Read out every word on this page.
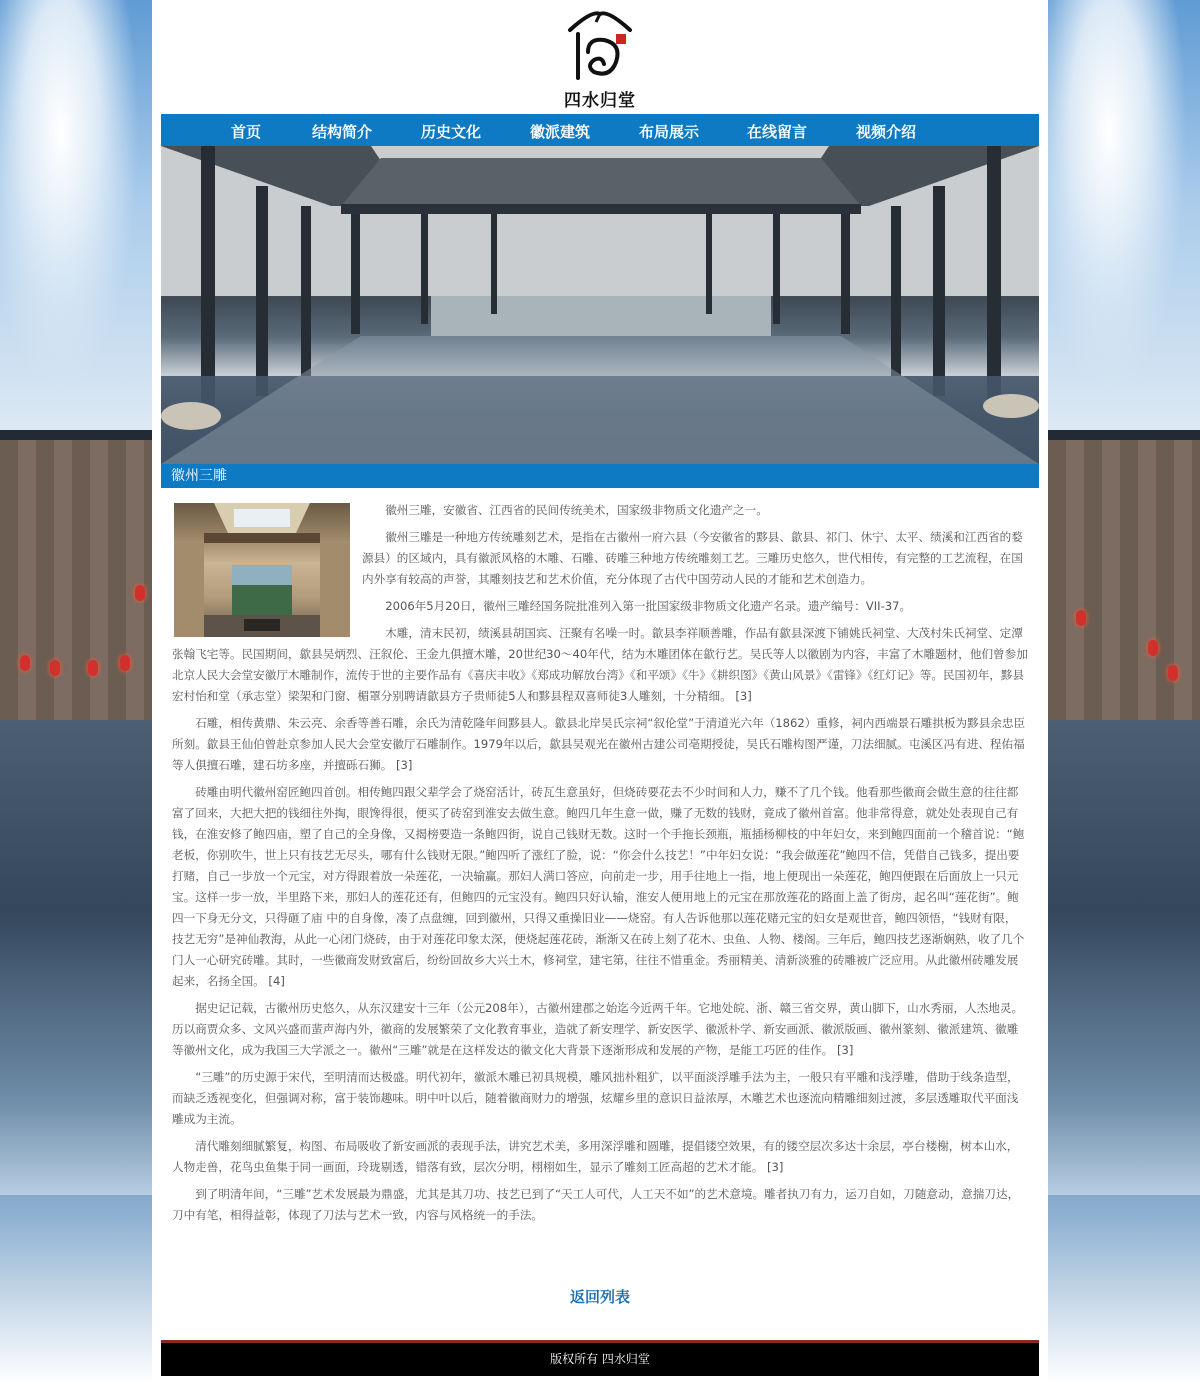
四水归堂
首页	结构简介	历史文化	徽派建筑	布局展示	在线留言	视频介绍
徽州三雕

徽州三雕，安徽省、江西省的民间传统美术，国家级非物质文化遗产之一。

徽州三雕是一种地方传统雕刻艺术，是指在古徽州一府六县（今安徽省的黟县、歙县、祁门、休宁、太平、绩溪和江西省的婺源县）的区域内，具有徽派风格的木雕、石雕、砖雕三种地方传统雕刻工艺。三雕历史悠久，世代相传，有完整的工艺流程，在国内外享有较高的声誉，其雕刻技艺和艺术价值，充分体现了古代中国劳动人民的才能和艺术创造力。

2006年5月20日，徽州三雕经国务院批准列入第一批国家级非物质文化遗产名录。遗产编号：VII-37。

木雕，清末民初，绩溪县胡国宾、汪聚有名噪一时。歙县李祥顺善雕，作品有歙县深渡下铺姚氏祠堂、大茂村朱氏祠堂、定潭张翰飞宅等。民国期间，歙县吴炳烈、汪叙伦、王金九俱擅木雕，20世纪30～40年代，结为木雕团体在歙行艺。吴氏等人以徽剧为内容，丰富了木雕题材，他们曾参加北京人民大会堂安徽厅木雕制作，流传于世的主要作品有《喜庆丰收》《郑成功解放台湾》《和平颂》《牛》《耕织图》《黄山风景》《雷锋》《红灯记》等。民国初年，黟县宏村怡和堂（承志堂）梁架和门窗、楣罩分别聘请歙县方子贵师徒5人和黟县程双喜师徒3人雕刻，十分精细。 [3]

石雕，相传黄鼎、朱云亮、余香等善石雕，余氏为清乾隆年间黟县人。歙县北岸吴氏宗祠“叙伦堂”于清道光六年（1862）重修，祠内西端景石雕拱板为黟县余忠臣所刻。歙县王仙伯曾赴京参加人民大会堂安徽厅石雕制作。1979年以后，歙县吴观光在徽州古建公司亳期授徒，吴氏石雕构图严谨，刀法细腻。屯溪区冯有进、程佑福等人俱擅石雕，建石坊多座，并擅砾石狮。 [3]

砖雕由明代徽州窑匠鲍四首创。相传鲍四跟父辈学会了烧窑活计，砖瓦生意虽好，但烧砖要花去不少时间和人力，赚不了几个钱。他看那些徽商会做生意的往往都富了回来，大把大把的钱细往外掏，眼馋得很，便买了砖窑到淮安去做生意。鲍四几年生意一做，赚了无数的钱财，竟成了徽州首富。他非常得意，就处处表现自己有钱，在淮安修了鲍四庙，塑了自己的全身像，又揭榜要造一条鲍四街，说自己钱财无数。这时一个手拖长颈瓶，瓶插杨柳枝的中年妇女，来到鲍四面前一个稽首说：“鲍老板，你别吹牛，世上只有技艺无尽头，哪有什么钱财无限。”鲍四听了涨红了脸，说：“你会什么技艺！”中年妇女说：“我会做莲花”鲍四不信，凭借自己钱多，提出要打赌，自己一步放一个元宝，对方得跟着放一朵莲花，一决输赢。那妇人满口答应，向前走一步，用手往地上一指，地上便现出一朵莲花，鲍四便跟在后面放上一只元宝。这样一步一放，半里路下来，那妇人的莲花还有，但鲍四的元宝没有。鲍四只好认输，淮安人便用地上的元宝在那放莲花的路面上盖了街房，起名叫“莲花街”。鲍四一下身无分文，只得砸了庙 中的自身像，凑了点盘缠，回到徽州，只得又重操旧业——烧窑。有人告诉他那以莲花赌元宝的妇女是观世音，鲍四领悟，“钱财有限，技艺无穷”是神仙教海，从此一心闭门烧砖，由于对莲花印象太深，便烧起莲花砖，渐渐又在砖上刻了花木、虫鱼、人物、楼阁。三年后，鲍四技艺逐渐娴熟，收了几个门人一心研究砖雕。其时，一些徽商发财致富后，纷纷回故乡大兴土木，修祠堂，建宅第，往往不惜重金。秀丽精美、清新淡雅的砖雕被广泛应用。从此徽州砖雕发展起来，名扬全国。 [4]

据史记记载，古徽州历史悠久，从东汉建安十三年（公元208年），古徽州建郡之始迄今近两千年。它地处皖、浙、赣三省交界，黄山脚下，山水秀丽，人杰地灵。历以商贾众多、文风兴盛而蜚声海内外，徽商的发展繁荣了文化教育事业，造就了新安理学、新安医学、徽派朴学、新安画派、徽派版画、徽州篆刻、徽派建筑、徽雕等徽州文化，成为我国三大学派之一。徽州“三雕”就是在这样发达的徽文化大背景下逐渐形成和发展的产物，是能工巧匠的佳作。 [3]

“三雕”的历史源于宋代，至明清而达极盛。明代初年，徽派木雕已初具规模，雕风拙朴粗犷，以平面淡浮雕手法为主，一般只有平雕和浅浮雕，借助于线条造型，而缺乏透视变化，但强调对称，富于装饰趣味。明中叶以后，随着徽商财力的增强，炫耀乡里的意识日益浓厚，木雕艺术也逐流向精雕细刻过渡，多层透雕取代平面浅雕成为主流。

清代雕刻细腻繁复，构图、布局吸收了新安画派的表现手法，讲究艺术美，多用深浮雕和圆雕，提倡镂空效果，有的镂空层次多达十余层，亭台楼榭，树本山水，人物走兽，花鸟虫鱼集于同一画面，玲珑剔透，错落有致，层次分明，栩栩如生，显示了雕刻工匠高超的艺术才能。 [3]

到了明清年间，“三雕”艺术发展最为鼎盛，尤其是其刀功、技艺已到了“天工人可代，人工天不如”的艺术意境。雕者执刀有力，运刀自如，刀随意动，意揣刀达，刀中有笔，相得益彰，体现了刀法与艺术一致，内容与风格统一的手法。

返回列表
版权所有 四水归堂
